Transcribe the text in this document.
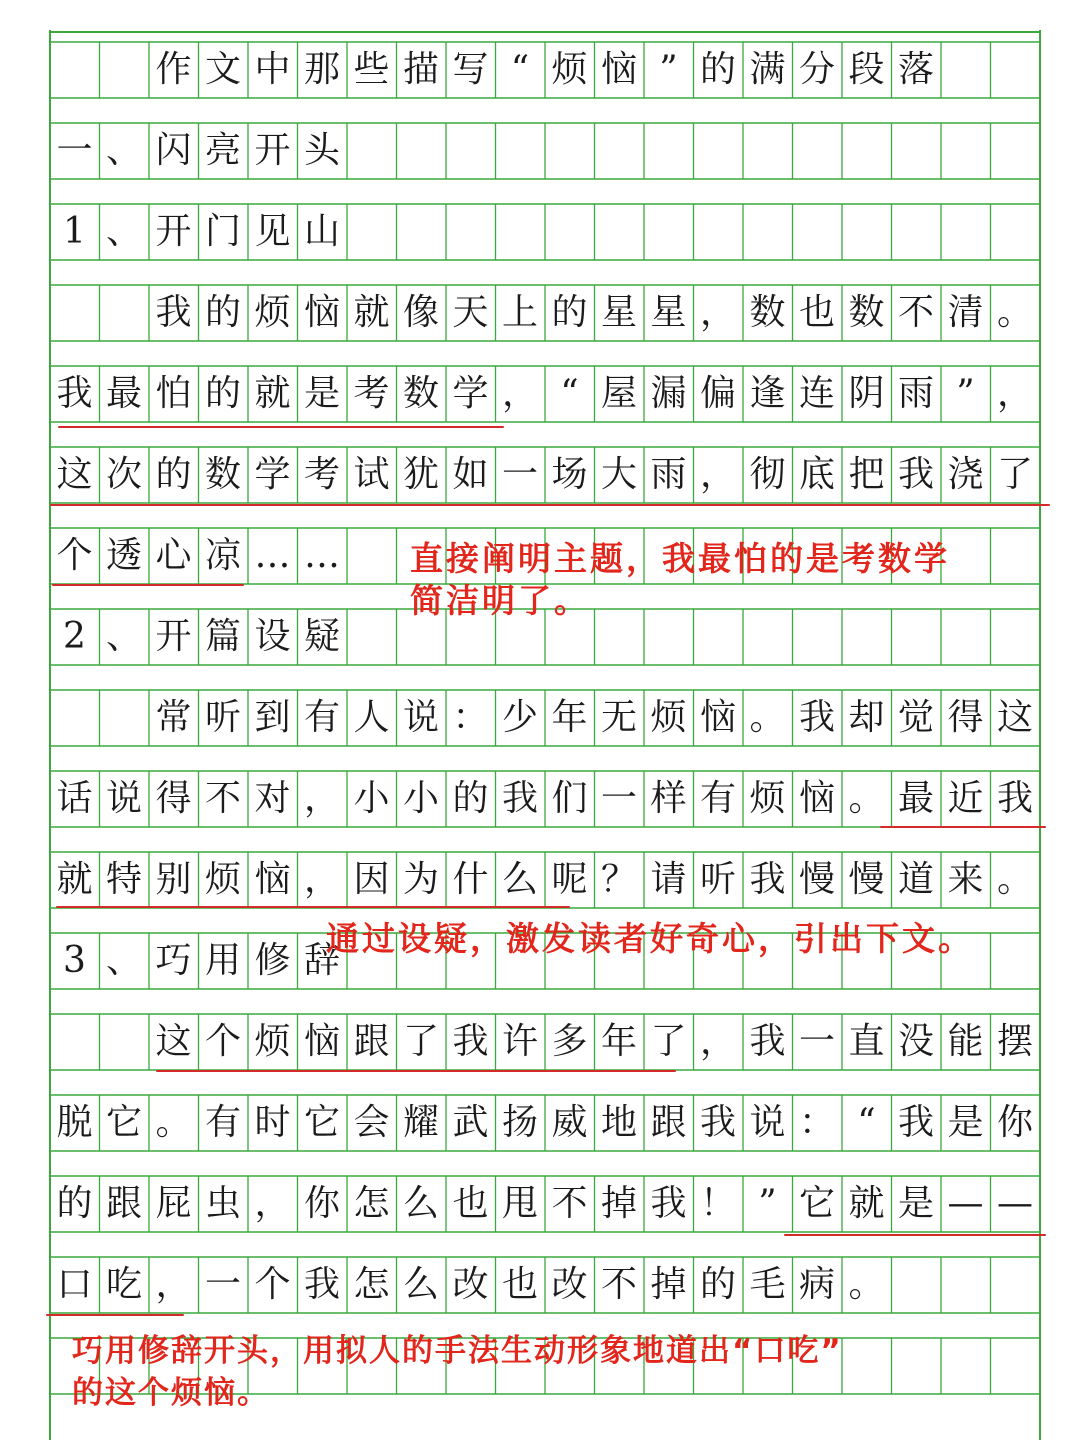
作 文 中 那 些 描 写 “ 烦 恼 ” 的 满 分 段 落
一 、 闪 亮 开 头
1 、 开 门 见 山
我 的 烦 恼 就 像 天 上 的 星 星 ， 数 也 数 不 清 。
我 最 怕 的 就 是 考 数 学 ， “ 屋 漏 偏 逢 连 阴 雨 ” ，
这 次 的 数 学 考 试 犹 如 一 场 大 雨 ， 彻 底 把 我 浇 了
个 透 心 凉 … …
2 、 开 篇 设 疑
常 听 到 有 人 说 ： 少 年 无 烦 恼 。 我 却 觉 得 这
话 说 得 不 对 ， 小 小 的 我 们 一 样 有 烦 恼 。 最 近 我
就 特 别 烦 恼 ， 因 为 什 么 呢 ？ 请 听 我 慢 慢 道 来 。
3 、 巧 用 修 辞
这 个 烦 恼 跟 了 我 许 多 年 了 ， 我 一 直 没 能 摆
脱 它 。 有 时 它 会 耀 武 扬 威 地 跟 我 说 ： “ 我 是 你
的 跟 屁 虫 ， 你 怎 么 也 甩 不 掉 我 ！ ” 它 就 是 — —
口 吃 ， 一 个 我 怎 么 改 也 改 不 掉 的 毛 病 。
直接阐明主题，我最怕的是考数学
简洁明了。
通过设疑，激发读者好奇心，引出下文。
巧用修辞开头，用拟人的手法生动形象地道出“口吃”
的这个烦恼。
